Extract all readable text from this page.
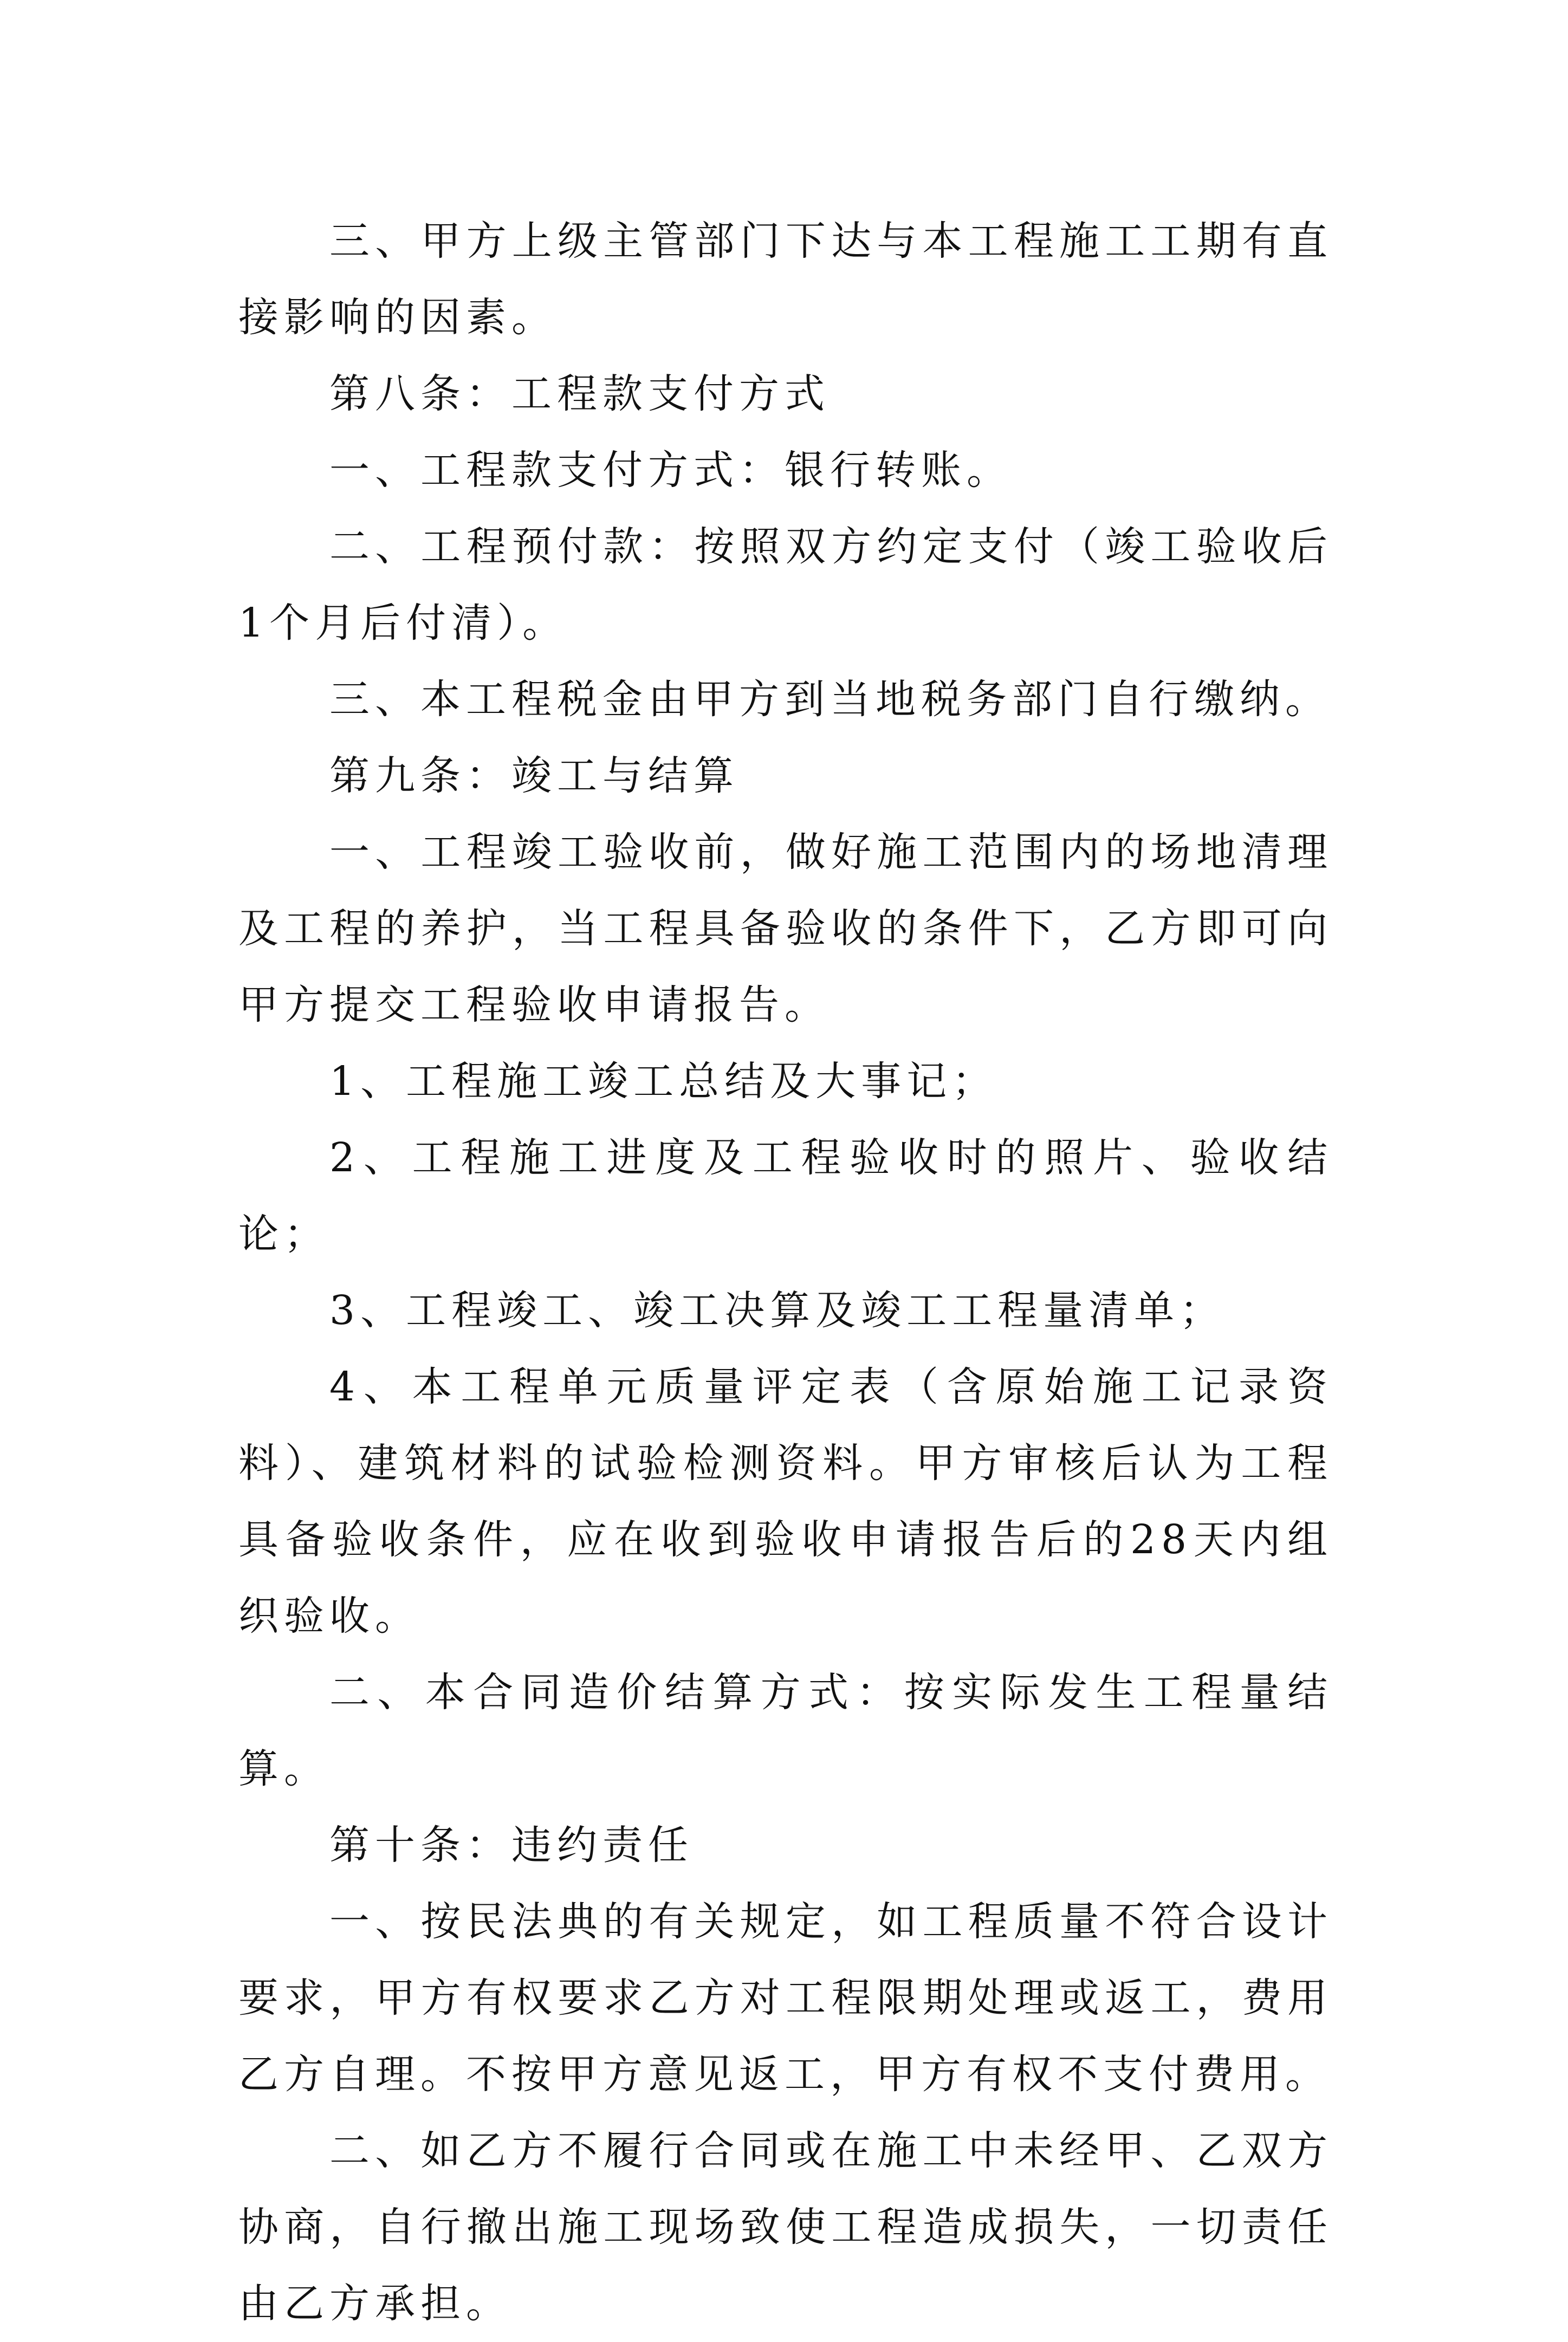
三、甲方上级主管部门下达与本工程施工工期有直接影响的因素。

第八条：工程款支付方式

一、工程款支付方式：银行转账。

二、工程预付款：按照双方约定支付（竣工验收后1个月后付清）。

三、本工程税金由甲方到当地税务部门自行缴纳。

第九条：竣工与结算

一、工程竣工验收前，做好施工范围内的场地清理及工程的养护，当工程具备验收的条件下，乙方即可向甲方提交工程验收申请报告。

1、工程施工竣工总结及大事记；

2、工程施工进度及工程验收时的照片、验收结论；

3、工程竣工、竣工决算及竣工工程量清单；

4、本工程单元质量评定表（含原始施工记录资料）、建筑材料的试验检测资料。甲方审核后认为工程具备验收条件，应在收到验收申请报告后的28天内组织验收。

二、本合同造价结算方式：按实际发生工程量结算。

第十条：违约责任

一、按民法典的有关规定，如工程质量不符合设计要求，甲方有权要求乙方对工程限期处理或返工，费用乙方自理。不按甲方意见返工，甲方有权不支付费用。

二、如乙方不履行合同或在施工中未经甲、乙双方协商，自行撤出施工现场致使工程造成损失，一切责任由乙方承担。
